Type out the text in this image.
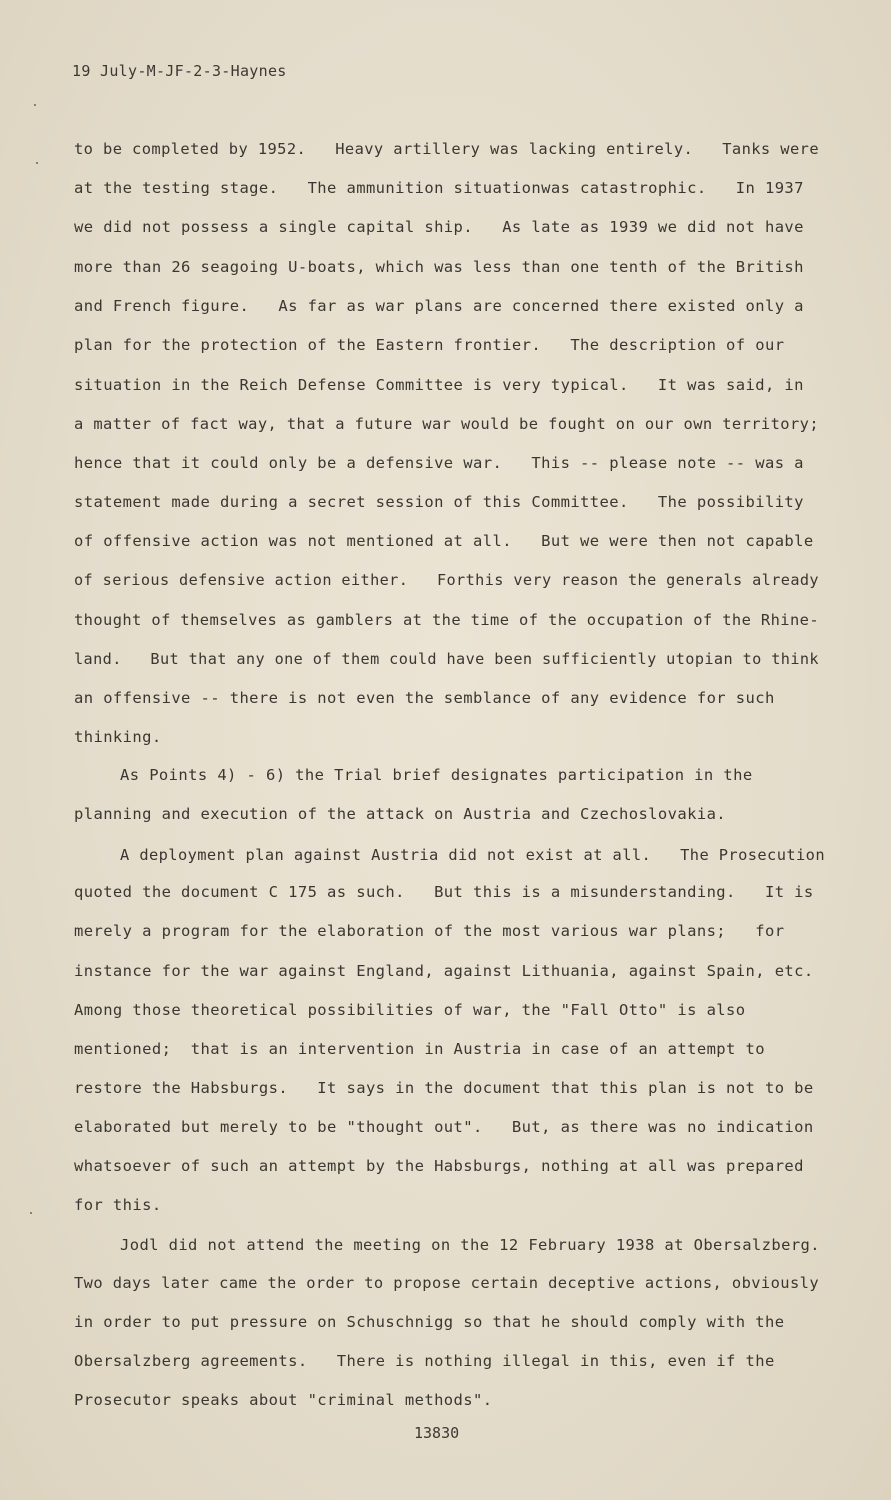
19 July-M-JF-2-3-Haynes
to be completed by 1952.   Heavy artillery was lacking entirely.   Tanks were
at the testing stage.   The ammunition situationwas catastrophic.   In 1937
we did not possess a single capital ship.   As late as 1939 we did not have
more than 26 seagoing U-boats, which was less than one tenth of the British
and French figure.   As far as war plans are concerned there existed only a
plan for the protection of the Eastern frontier.   The description of our
situation in the Reich Defense Committee is very typical.   It was said, in
a matter of fact way, that a future war would be fought on our own territory;
hence that it could only be a defensive war.   This -- please note -- was a
statement made during a secret session of this Committee.   The possibility
of offensive action was not mentioned at all.   But we were then not capable
of serious defensive action either.   Forthis very reason the generals already
thought of themselves as gamblers at the time of the occupation of the Rhine-
land.   But that any one of them could have been sufficiently utopian to think
an offensive -- there is not even the semblance of any evidence for such
thinking.
As Points 4) - 6) the Trial brief designates participation in the
planning and execution of the attack on Austria and Czechoslovakia.
A deployment plan against Austria did not exist at all.   The Prosecution
quoted the document C 175 as such.   But this is a misunderstanding.   It is
merely a program for the elaboration of the most various war plans;   for
instance for the war against England, against Lithuania, against Spain, etc.
Among those theoretical possibilities of war, the "Fall Otto" is also
mentioned;  that is an intervention in Austria in case of an attempt to
restore the Habsburgs.   It says in the document that this plan is not to be
elaborated but merely to be "thought out".   But, as there was no indication
whatsoever of such an attempt by the Habsburgs, nothing at all was prepared
for this.
Jodl did not attend the meeting on the 12 February 1938 at Obersalzberg.
Two days later came the order to propose certain deceptive actions, obviously
in order to put pressure on Schuschnigg so that he should comply with the
Obersalzberg agreements.   There is nothing illegal in this, even if the
Prosecutor speaks about "criminal methods".
13830
